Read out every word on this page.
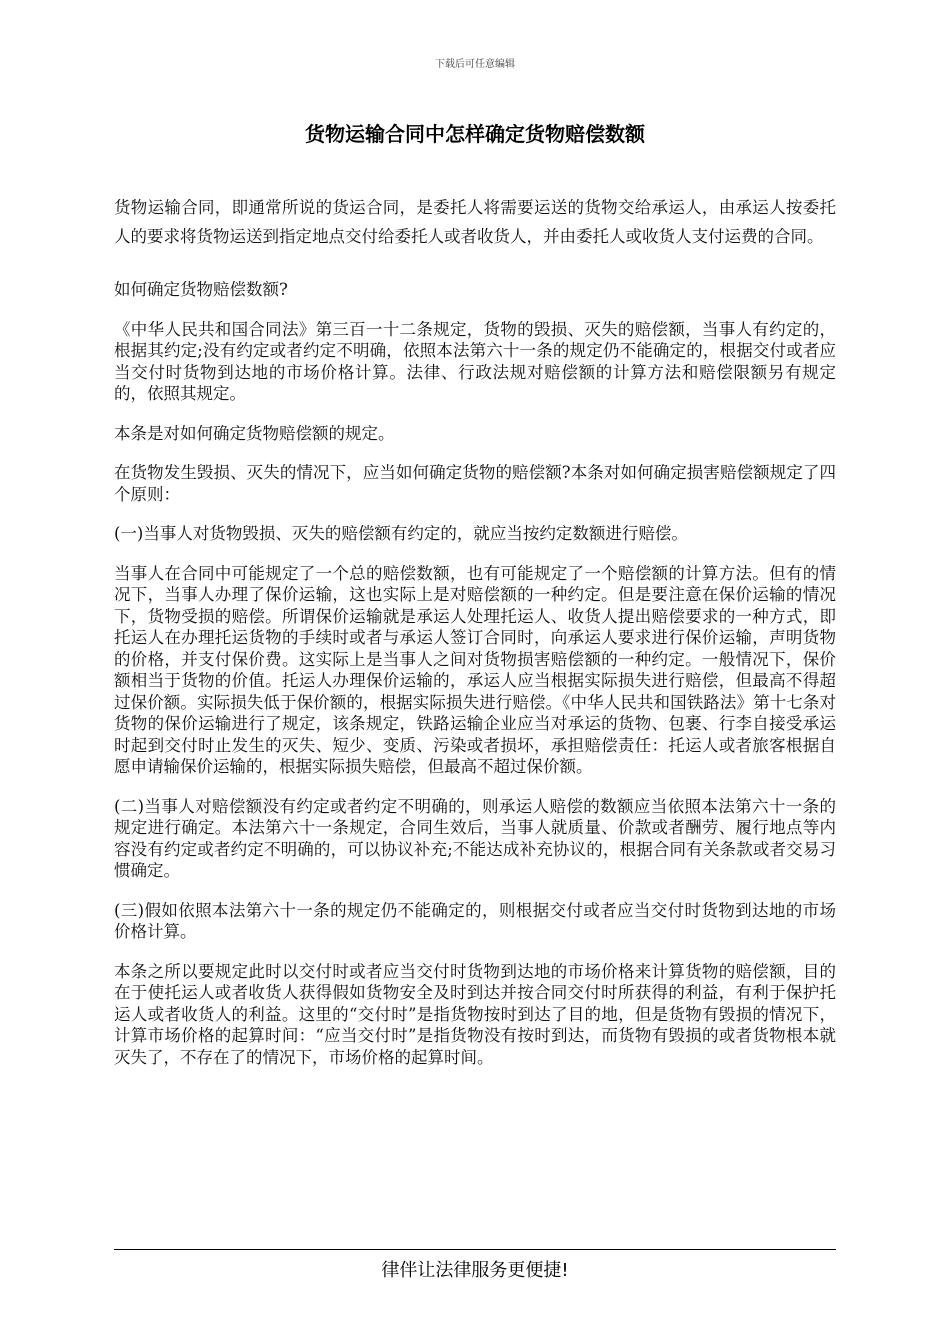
下载后可任意编辑
货物运输合同中怎样确定货物赔偿数额

货物运输合同，即通常所说的货运合同，是委托人将需要运送的货物交给承运人，由承运人按委托人的要求将货物运送到指定地点交付给委托人或者收货人，并由委托人或收货人支付运费的合同。

如何确定货物赔偿数额?

《中华人民共和国合同法》第三百一十二条规定，货物的毁损、灭失的赔偿额，当事人有约定的，根据其约定;没有约定或者约定不明确，依照本法第六十一条的规定仍不能确定的，根据交付或者应当交付时货物到达地的市场价格计算。法律、行政法规对赔偿额的计算方法和赔偿限额另有规定的，依照其规定。

本条是对如何确定货物赔偿额的规定。

在货物发生毁损、灭失的情况下，应当如何确定货物的赔偿额?本条对如何确定损害赔偿额规定了四个原则：

(一)当事人对货物毁损、灭失的赔偿额有约定的，就应当按约定数额进行赔偿。

当事人在合同中可能规定了一个总的赔偿数额，也有可能规定了一个赔偿额的计算方法。但有的情况下，当事人办理了保价运输，这也实际上是对赔偿额的一种约定。但是要注意在保价运输的情况下，货物受损的赔偿。所谓保价运输就是承运人处理托运人、收货人提出赔偿要求的一种方式，即托运人在办理托运货物的手续时或者与承运人签订合同时，向承运人要求进行保价运输，声明货物的价格，并支付保价费。这实际上是当事人之间对货物损害赔偿额的一种约定。一般情况下，保价额相当于货物的价值。托运人办理保价运输的，承运人应当根据实际损失进行赔偿，但最高不得超过保价额。实际损失低于保价额的，根据实际损失进行赔偿。《中华人民共和国铁路法》第十七条对货物的保价运输进行了规定，该条规定，铁路运输企业应当对承运的货物、包裹、行李自接受承运时起到交付时止发生的灭失、短少、变质、污染或者损坏，承担赔偿责任：托运人或者旅客根据自愿申请输保价运输的，根据实际损失赔偿，但最高不超过保价额。

(二)当事人对赔偿额没有约定或者约定不明确的，则承运人赔偿的数额应当依照本法第六十一条的规定进行确定。本法第六十一条规定，合同生效后，当事人就质量、价款或者酬劳、履行地点等内容没有约定或者约定不明确的，可以协议补充;不能达成补充协议的，根据合同有关条款或者交易习惯确定。

(三)假如依照本法第六十一条的规定仍不能确定的，则根据交付或者应当交付时货物到达地的市场价格计算。

本条之所以要规定此时以交付时或者应当交付时货物到达地的市场价格来计算货物的赔偿额，目的在于使托运人或者收货人获得假如货物安全及时到达并按合同交付时所获得的利益，有利于保护托运人或者收货人的利益。这里的“交付时”是指货物按时到达了目的地，但是货物有毁损的情况下，计算市场价格的起算时间：“应当交付时”是指货物没有按时到达，而货物有毁损的或者货物根本就灭失了，不存在了的情况下，市场价格的起算时间。

律伴让法律服务更便捷!
